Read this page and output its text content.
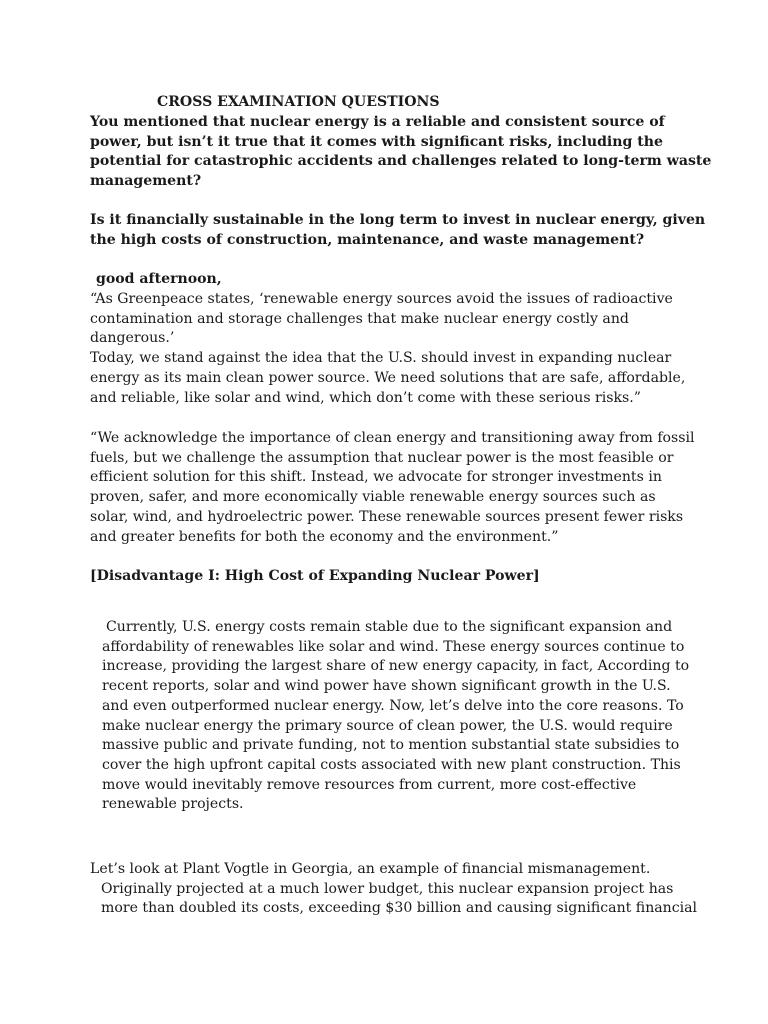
CROSS EXAMINATION QUESTIONS
You mentioned that nuclear energy is a reliable and consistent source of
power, but isn’t it true that it comes with significant risks, including the
potential for catastrophic accidents and challenges related to long-term waste
management?
Is it financially sustainable in the long term to invest in nuclear energy, given
the high costs of construction, maintenance, and waste management?
good afternoon,
“As Greenpeace states, ‘renewable energy sources avoid the issues of radioactive
contamination and storage challenges that make nuclear energy costly and
dangerous.’
Today, we stand against the idea that the U.S. should invest in expanding nuclear
energy as its main clean power source. We need solutions that are safe, affordable,
and reliable, like solar and wind, which don’t come with these serious risks.”
“We acknowledge the importance of clean energy and transitioning away from fossil
fuels, but we challenge the assumption that nuclear power is the most feasible or
efficient solution for this shift. Instead, we advocate for stronger investments in
proven, safer, and more economically viable renewable energy sources such as
solar, wind, and hydroelectric power. These renewable sources present fewer risks
and greater benefits for both the economy and the environment.”
[Disadvantage I: High Cost of Expanding Nuclear Power]
Currently, U.S. energy costs remain stable due to the significant expansion and
affordability of renewables like solar and wind. These energy sources continue to
increase, providing the largest share of new energy capacity, in fact, According to
recent reports, solar and wind power have shown significant growth in the U.S.
and even outperformed nuclear energy. Now, let’s delve into the core reasons. To
make nuclear energy the primary source of clean power, the U.S. would require
massive public and private funding, not to mention substantial state subsidies to
cover the high upfront capital costs associated with new plant construction. This
move would inevitably remove resources from current, more cost-effective
renewable projects.
Let’s look at Plant Vogtle in Georgia, an example of financial mismanagement.
Originally projected at a much lower budget, this nuclear expansion project has
more than doubled its costs, exceeding $30 billion and causing significant financial
